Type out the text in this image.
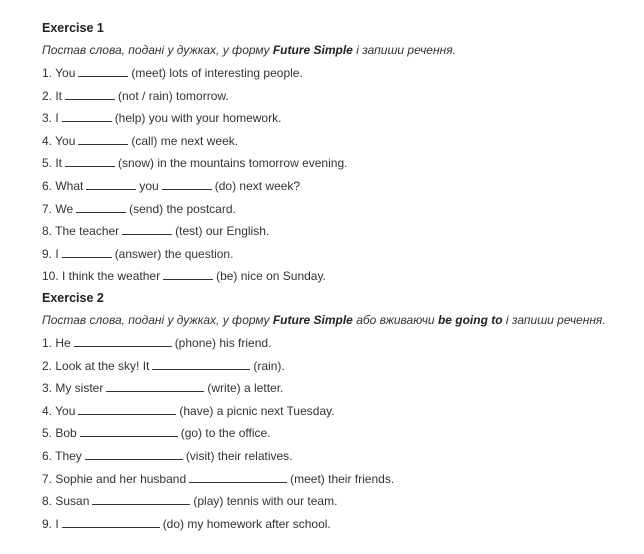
Exercise 1
Постав слова, подані у дужках, у форму Future Simple і запиши речення.
1. You	(meet) lots of interesting people.
2. It	(not / rain) tomorrow.
3. I	(help) you with your homework.
4. You	(call) me next week.
5. It	(snow) in the mountains tomorrow evening.
6. What	you	(do) next week?
7. We	(send) the postcard.
8. The teacher	(test) our English.
9. I	(answer) the question.
10. I think the weather	(be) nice on Sunday.
Exercise 2
Постав слова, подані у дужках, у форму Future Simple або вживаючи be going to і запиши речення.
1. He	(phone) his friend.
2. Look at the sky! It	(rain).
3. My sister	(write) a letter.
4. You	(have) a picnic next Tuesday.
5. Bob	(go) to the office.
6. They	(visit) their relatives.
7. Sophie and her husband	(meet) their friends.
8. Susan	(play) tennis with our team.
9. I	(do) my homework after school.
